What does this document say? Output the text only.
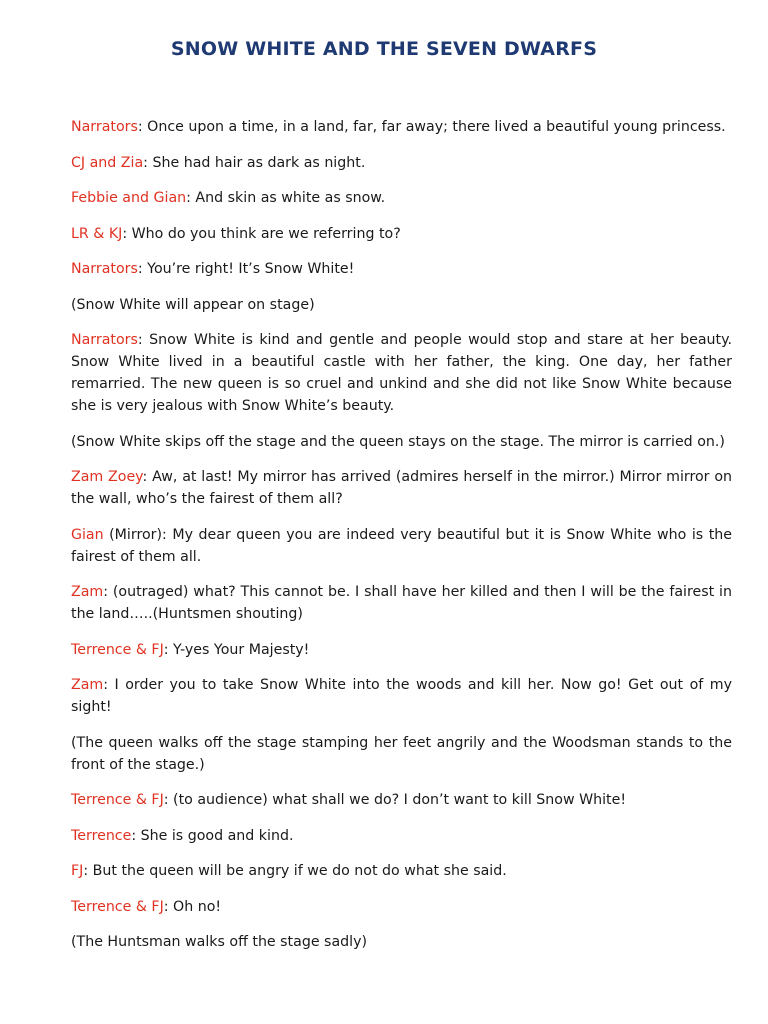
SNOW WHITE AND THE SEVEN DWARFS

Narrators: Once upon a time, in a land, far, far away; there lived a beautiful young princess.

CJ and Zia: She had hair as dark as night.

Febbie and Gian: And skin as white as snow.

LR & KJ: Who do you think are we referring to?

Narrators: You’re right! It’s Snow White!

(Snow White will appear on stage)

Narrators: Snow White is kind and gentle and people would stop and stare at her beauty. Snow White lived in a beautiful castle with her father, the king. One day, her father remarried. The new queen is so cruel and unkind and she did not like Snow White because she is very jealous with Snow White’s beauty.

(Snow White skips off the stage and the queen stays on the stage. The mirror is carried on.)

Zam Zoey: Aw, at last! My mirror has arrived (admires herself in the mirror.) Mirror mirror on the wall, who’s the fairest of them all?

Gian (Mirror): My dear queen you are indeed very beautiful but it is Snow White who is the fairest of them all.

Zam: (outraged) what? This cannot be. I shall have her killed and then I will be the fairest in the land…..(Huntsmen shouting)

Terrence & FJ: Y-yes Your Majesty!

Zam: I order you to take Snow White into the woods and kill her. Now go! Get out of my sight!

(The queen walks off the stage stamping her feet angrily and the Woodsman stands to the front of the stage.)

Terrence & FJ: (to audience) what shall we do? I don’t want to kill Snow White!

Terrence: She is good and kind.

FJ: But the queen will be angry if we do not do what she said.

Terrence & FJ: Oh no!

(The Huntsman walks off the stage sadly)
